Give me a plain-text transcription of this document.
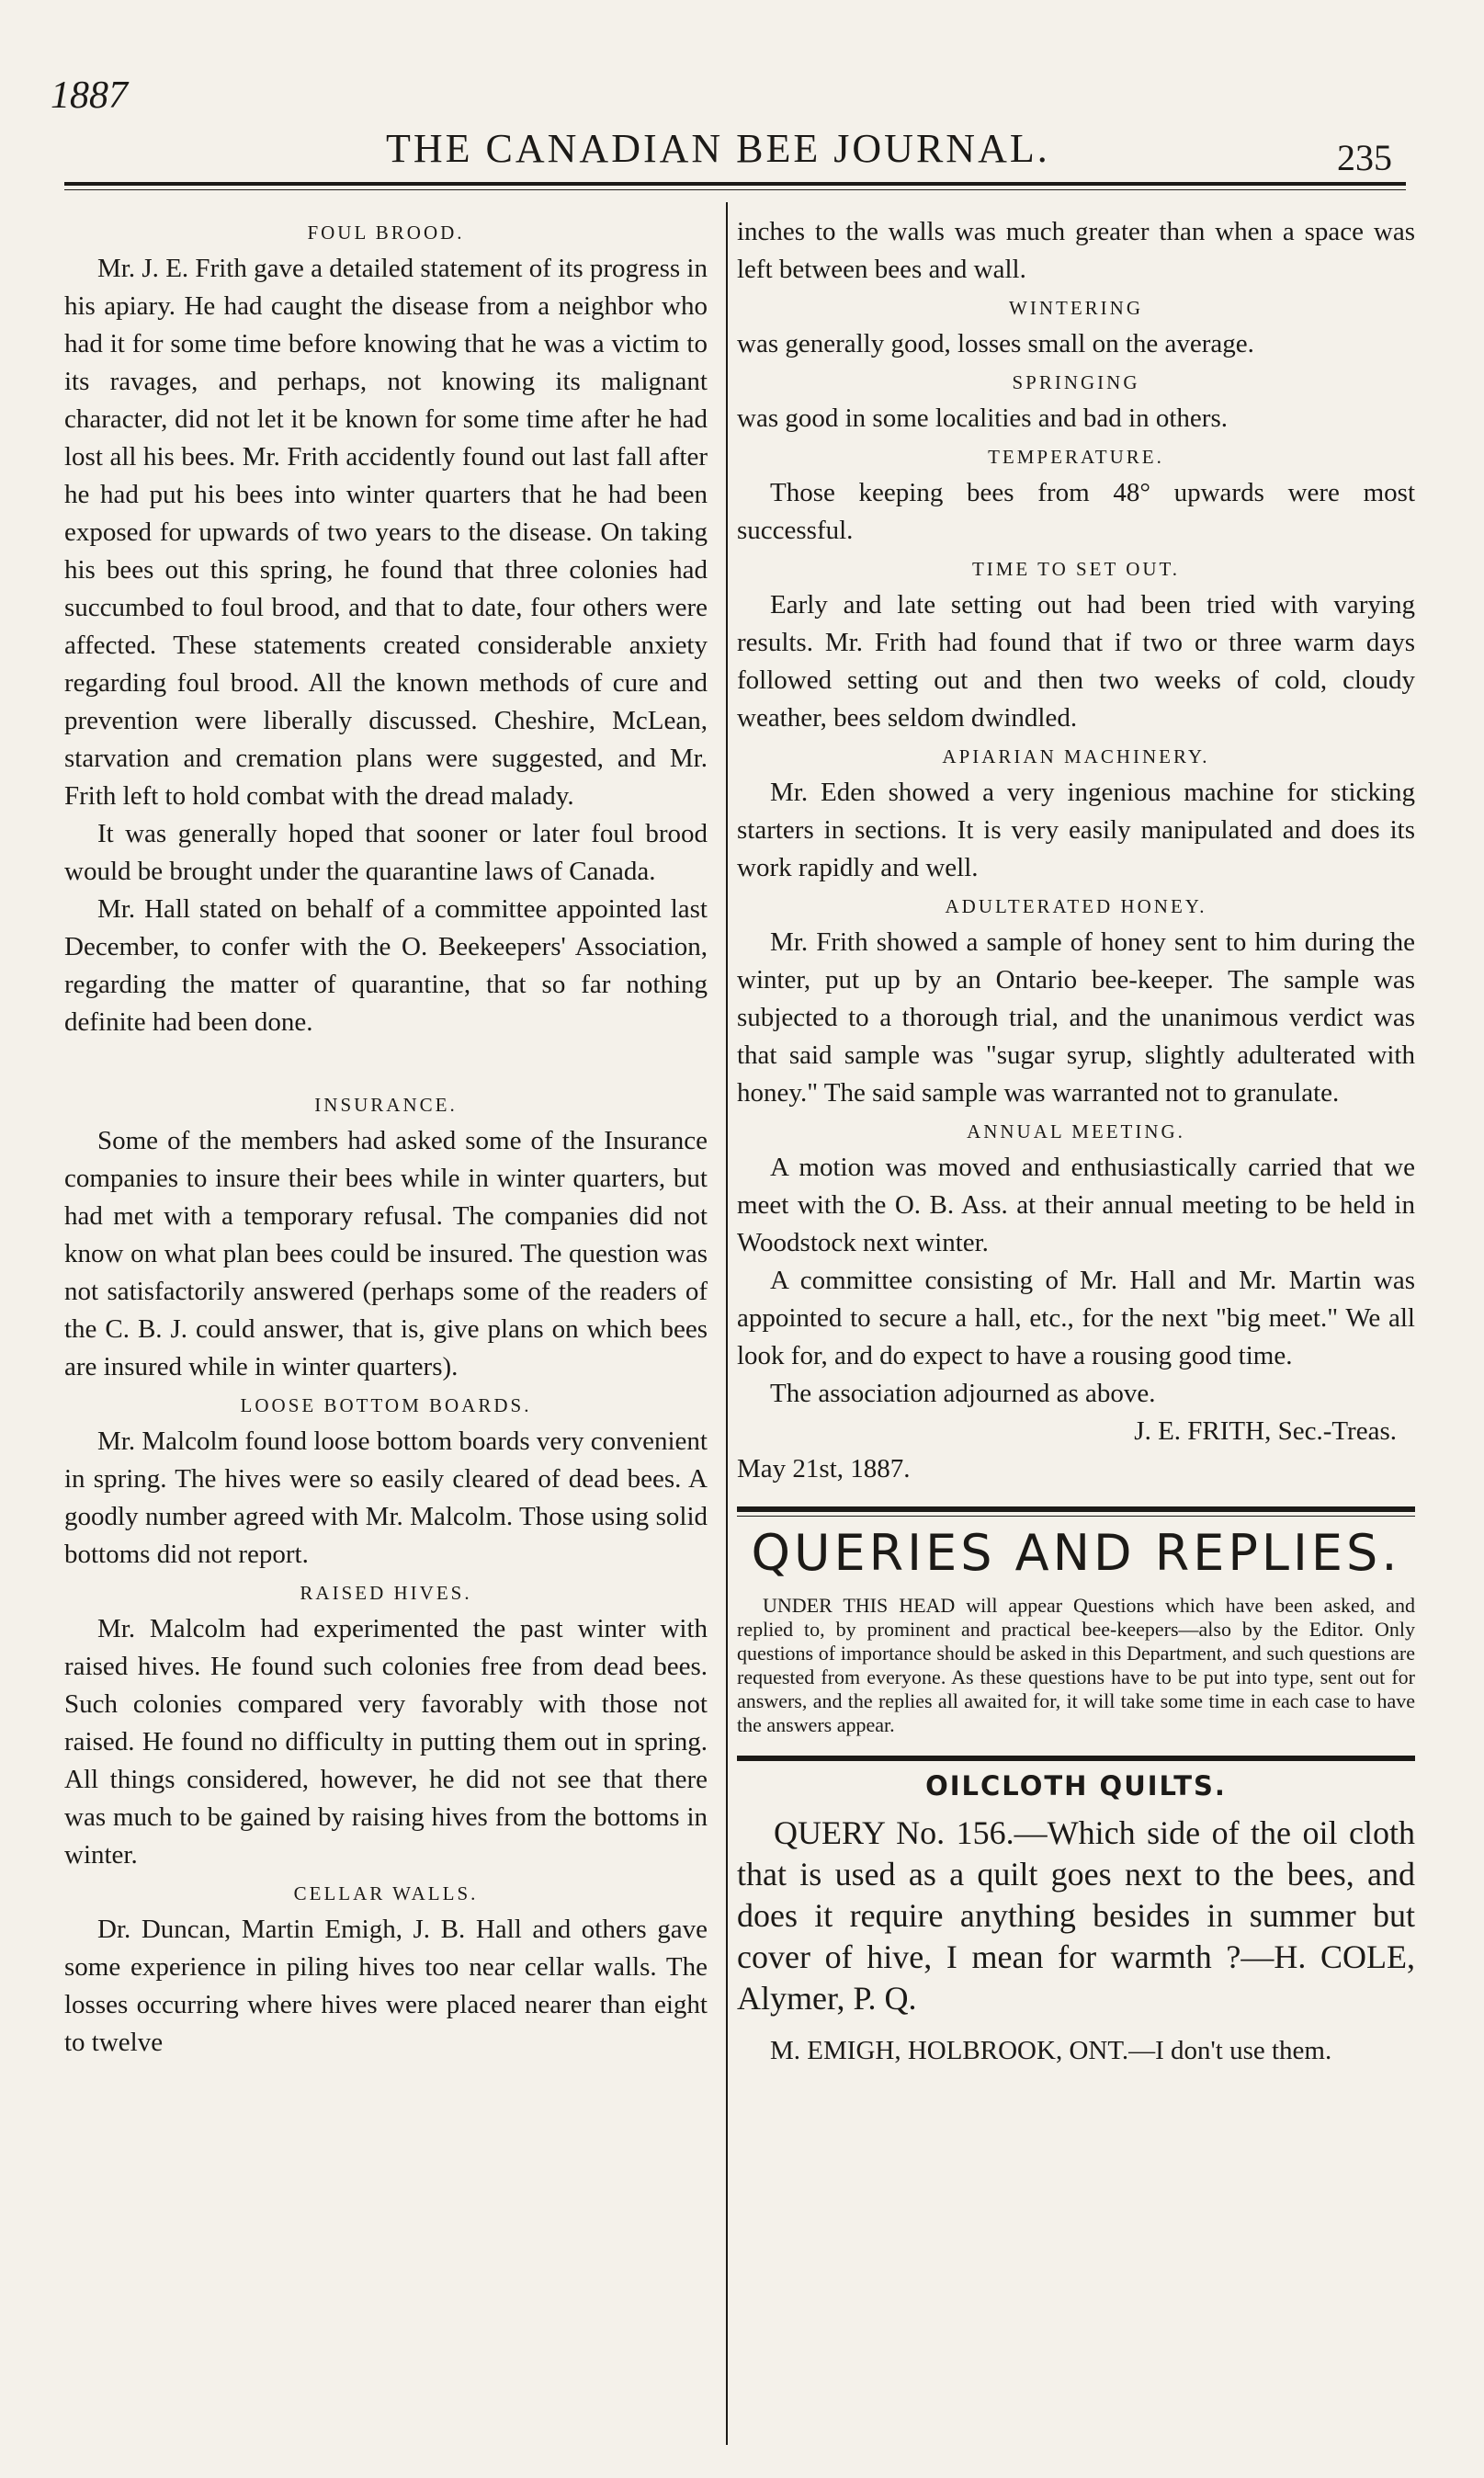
1887
THE CANADIAN BEE JOURNAL.	235
FOUL BROOD.

Mr. J. E. Frith gave a detailed statement of its progress in his apiary. He had caught the disease from a neighbor who had it for some time before knowing that he was a victim to its ravages, and perhaps, not knowing its malignant character, did not let it be known for some time after he had lost all his bees. Mr. Frith accidently found out last fall after he had put his bees into winter quarters that he had been exposed for upwards of two years to the disease. On taking his bees out this spring, he found that three colonies had succumbed to foul brood, and that to date, four others were affected. These statements created considerable anxiety regarding foul brood. All the known methods of cure and prevention were liberally discussed. Cheshire, McLean, starvation and cremation plans were suggested, and Mr. Frith left to hold combat with the dread malady.

It was generally hoped that sooner or later foul brood would be brought under the quarantine laws of Canada.

Mr. Hall stated on behalf of a committee appointed last December, to confer with the O. Beekeepers' Association, regarding the matter of quarantine, that so far nothing definite had been done.

INSURANCE.

Some of the members had asked some of the Insurance companies to insure their bees while in winter quarters, but had met with a temporary refusal. The companies did not know on what plan bees could be insured. The question was not satisfactorily answered (perhaps some of the readers of the C. B. J. could answer, that is, give plans on which bees are insured while in winter quarters).

LOOSE BOTTOM BOARDS.

Mr. Malcolm found loose bottom boards very convenient in spring. The hives were so easily cleared of dead bees. A goodly number agreed with Mr. Malcolm. Those using solid bottoms did not report.

RAISED HIVES.

Mr. Malcolm had experimented the past winter with raised hives. He found such colonies free from dead bees. Such colonies compared very favorably with those not raised. He found no difficulty in putting them out in spring. All things considered, however, he did not see that there was much to be gained by raising hives from the bottoms in winter.

CELLAR WALLS.

Dr. Duncan, Martin Emigh, J. B. Hall and others gave some experience in piling hives too near cellar walls. The losses occurring where hives were placed nearer than eight to twelve

inches to the walls was much greater than when a space was left between bees and wall.

WINTERING

was generally good, losses small on the average.

SPRINGING

was good in some localities and bad in others.

TEMPERATURE.

Those keeping bees from 48° upwards were most successful.

TIME TO SET OUT.

Early and late setting out had been tried with varying results. Mr. Frith had found that if two or three warm days followed setting out and then two weeks of cold, cloudy weather, bees seldom dwindled.

APIARIAN MACHINERY.

Mr. Eden showed a very ingenious machine for sticking starters in sections. It is very easily manipulated and does its work rapidly and well.

ADULTERATED HONEY.

Mr. Frith showed a sample of honey sent to him during the winter, put up by an Ontario bee-keeper. The sample was subjected to a thorough trial, and the unanimous verdict was that said sample was "sugar syrup, slightly adulterated with honey." The said sample was warranted not to granulate.

ANNUAL MEETING.

A motion was moved and enthusiastically carried that we meet with the O. B. Ass. at their annual meeting to be held in Woodstock next winter.

A committee consisting of Mr. Hall and Mr. Martin was appointed to secure a hall, etc., for the next "big meet." We all look for, and do expect to have a rousing good time.

The association adjourned as above.

J. E. FRITH, Sec.-Treas.

May 21st, 1887.

QUERIES AND REPLIES.

UNDER THIS HEAD will appear Questions which have been asked, and replied to, by prominent and practical bee-keepers—also by the Editor. Only questions of importance should be asked in this Department, and such questions are requested from everyone. As these questions have to be put into type, sent out for answers, and the replies all awaited for, it will take some time in each case to have the answers appear.

OILCLOTH QUILTS.

QUERY No. 156.—Which side of the oil cloth that is used as a quilt goes next to the bees, and does it require anything besides in summer but cover of hive, I mean for warmth ?—H. COLE, Alymer, P. Q.

M. EMIGH, HOLBROOK, ONT.—I don't use them.
